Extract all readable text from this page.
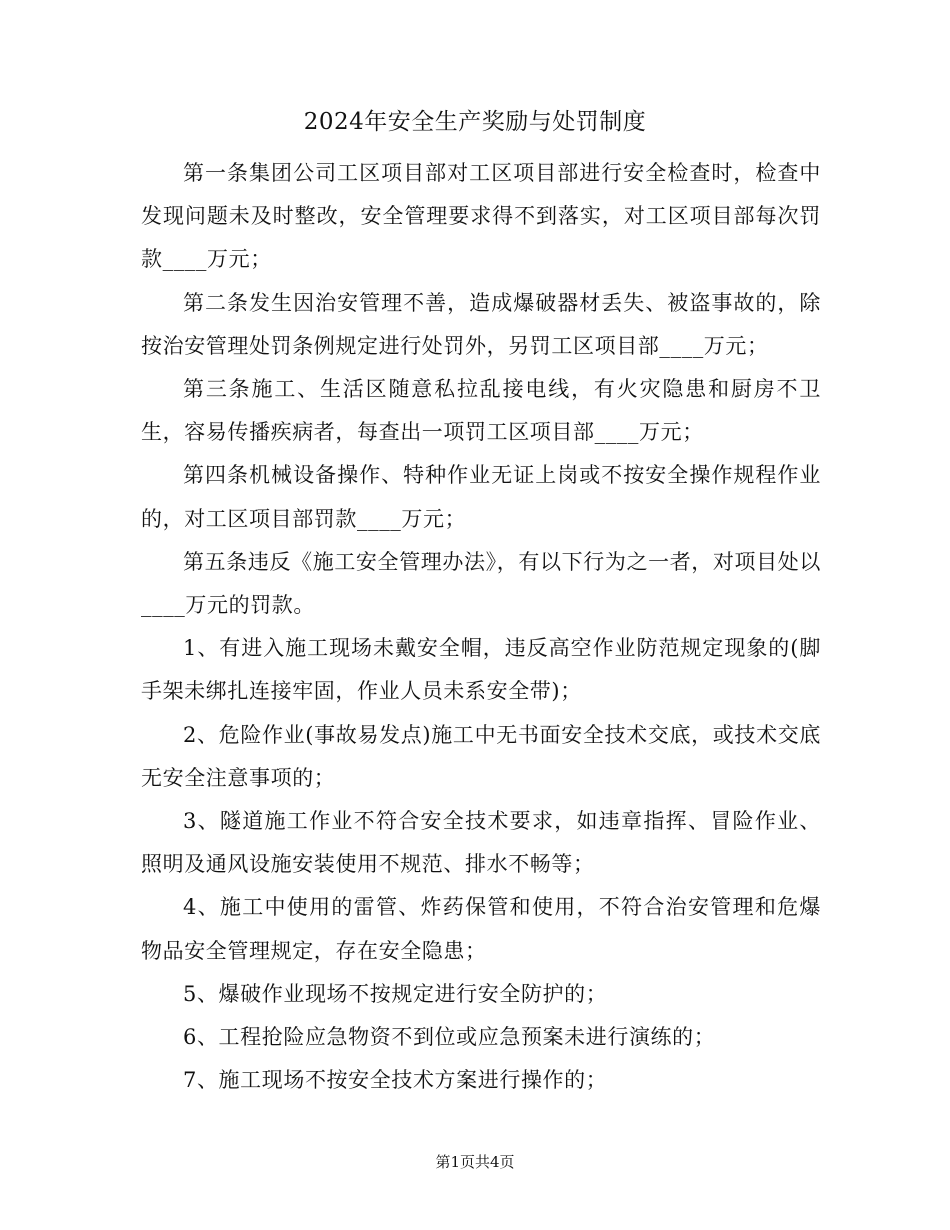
2024年安全生产奖励与处罚制度

第一条集团公司工区项目部对工区项目部进行安全检查时，检查中发现问题未及时整改，安全管理要求得不到落实，对工区项目部每次罚款____万元；

第二条发生因治安管理不善，造成爆破器材丢失、被盗事故的，除按治安管理处罚条例规定进行处罚外，另罚工区项目部____万元；

第三条施工、生活区随意私拉乱接电线，有火灾隐患和厨房不卫生，容易传播疾病者，每查出一项罚工区项目部____万元；

第四条机械设备操作、特种作业无证上岗或不按安全操作规程作业的，对工区项目部罚款____万元；

第五条违反《施工安全管理办法》，有以下行为之一者，对项目处以____万元的罚款。

1、有进入施工现场未戴安全帽，违反高空作业防范规定现象的(脚手架未绑扎连接牢固，作业人员未系安全带)；

2、危险作业(事故易发点)施工中无书面安全技术交底，或技术交底无安全注意事项的；

3、隧道施工作业不符合安全技术要求，如违章指挥、冒险作业、照明及通风设施安装使用不规范、排水不畅等；

4、施工中使用的雷管、炸药保管和使用，不符合治安管理和危爆物品安全管理规定，存在安全隐患；

5、爆破作业现场不按规定进行安全防护的；

6、工程抢险应急物资不到位或应急预案未进行演练的；

7、施工现场不按安全技术方案进行操作的；

第1页共4页
